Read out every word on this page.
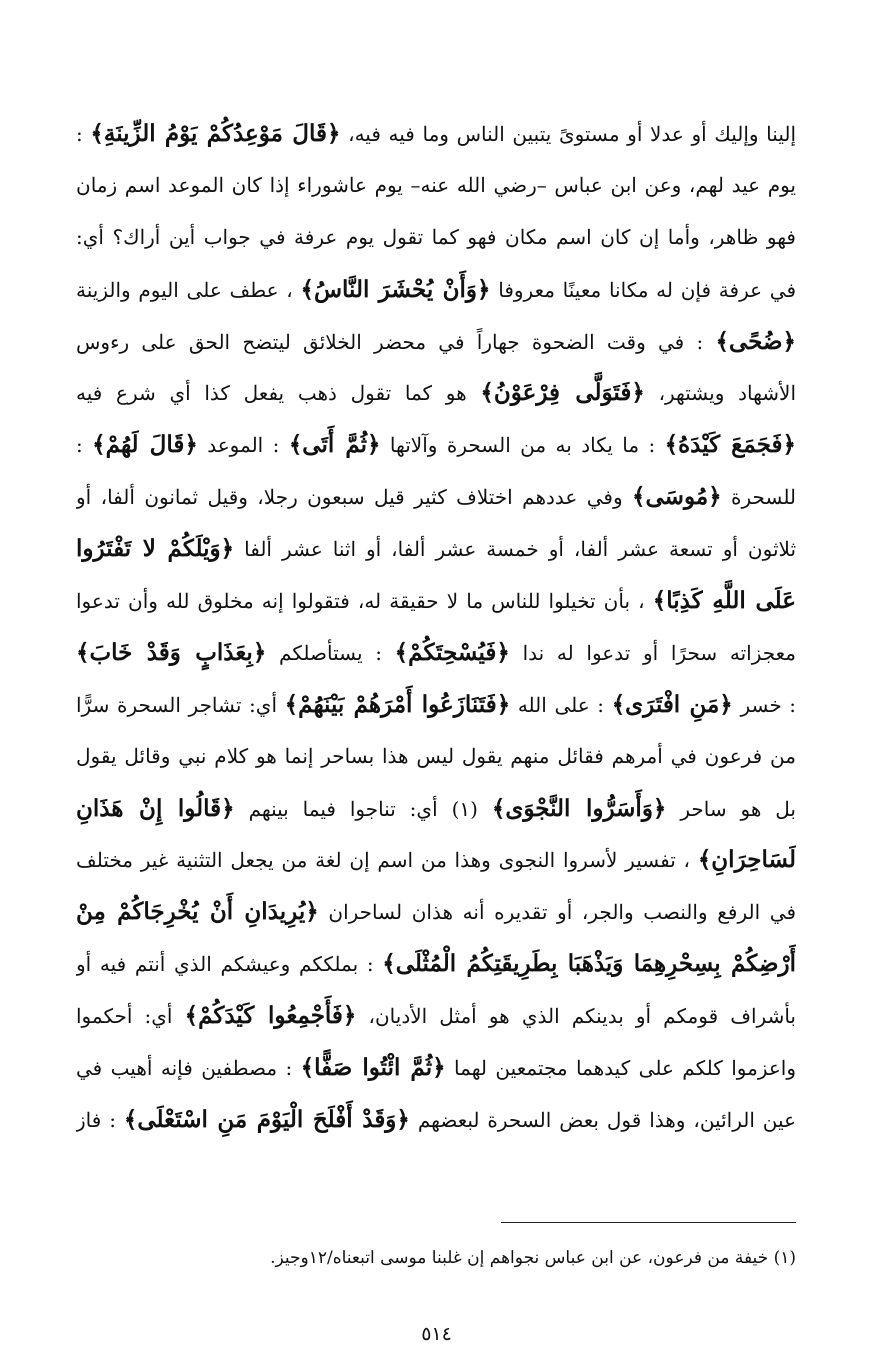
إلينا وإليك أو عدلا أو مستوىً يتبين الناس وما فيه فيه، ﴿قَالَ مَوْعِدُكُمْ يَوْمُ الزِّينَةِ﴾ :
يوم عيد لهم، وعن ابن عباس –رضي الله عنه– يوم عاشوراء إذا كان الموعد اسم زمان
فهو ظاهر، وأما إن كان اسم مكان فهو كما تقول يوم عرفة في جواب أين أراك؟ أي:
في عرفة فإن له مكانا معينًا معروفا ﴿وَأَنْ يُحْشَرَ النَّاسُ﴾ ، عطف على اليوم والزينة
﴿ضُحًى﴾ : في وقت الضحوة جهاراً في محضر الخلائق ليتضح الحق على رءوس
الأشهاد ويشتهر، ﴿فَتَوَلَّى فِرْعَوْنُ﴾ هو كما تقول ذهب يفعل كذا أي شرع فيه
﴿فَجَمَعَ كَيْدَهُ﴾ : ما يكاد به من السحرة وآلاتها ﴿ثُمَّ أَتَى﴾ : الموعد ﴿قَالَ لَهُمْ﴾ :
للسحرة ﴿مُوسَى﴾ وفي عددهم اختلاف كثير قيل سبعون رجلا، وقيل ثمانون ألفا، أو
ثلاثون أو تسعة عشر ألفا، أو خمسة عشر ألفا، أو اثنا عشر ألفا ﴿وَيْلَكُمْ لا تَفْتَرُوا
عَلَى اللَّهِ كَذِبًا﴾ ، بأن تخيلوا للناس ما لا حقيقة له، فتقولوا إنه مخلوق لله وأن تدعوا
معجزاته سحرًا أو تدعوا له ندا ﴿فَيُسْحِتَكُمْ﴾ : يستأصلكم ﴿بِعَذَابٍ وَقَدْ خَابَ﴾
: خسر ﴿مَنِ افْتَرَى﴾ : على الله ﴿فَتَنَازَعُوا أَمْرَهُمْ بَيْنَهُمْ﴾ أي: تشاجر السحرة سرًّا
من فرعون في أمرهم فقائل منهم يقول ليس هذا بساحر إنما هو كلام نبي وقائل يقول
بل هو ساحر ﴿وَأَسَرُّوا النَّجْوَى﴾ (١) أي: تناجوا فيما بينهم ﴿قَالُوا إِنْ هَذَانِ
لَسَاحِرَانِ﴾ ، تفسير لأسروا النجوى وهذا من اسم إن لغة من يجعل التثنية غير مختلف
في الرفع والنصب والجر، أو تقديره أنه هذان لساحران ﴿يُرِيدَانِ أَنْ يُخْرِجَاكُمْ مِنْ
أَرْضِكُمْ بِسِحْرِهِمَا وَيَذْهَبَا بِطَرِيقَتِكُمُ الْمُثْلَى﴾ : بملككم وعيشكم الذي أنتم فيه أو
بأشراف قومكم أو بدينكم الذي هو أمثل الأديان، ﴿فَأَجْمِعُوا كَيْدَكُمْ﴾ أي: أحكموا
واعزموا كلكم على كيدهما مجتمعين لهما ﴿ثُمَّ ائْتُوا صَفًّا﴾ : مصطفين فإنه أهيب في
عين الرائين، وهذا قول بعض السحرة لبعضهم ﴿وَقَدْ أَفْلَحَ الْيَوْمَ مَنِ اسْتَعْلَى﴾ : فاز
(١) خيفة من فرعون، عن ابن عباس نجواهم إن غلبنا موسى اتبعناه/١٢وجيز.
٥١٤
